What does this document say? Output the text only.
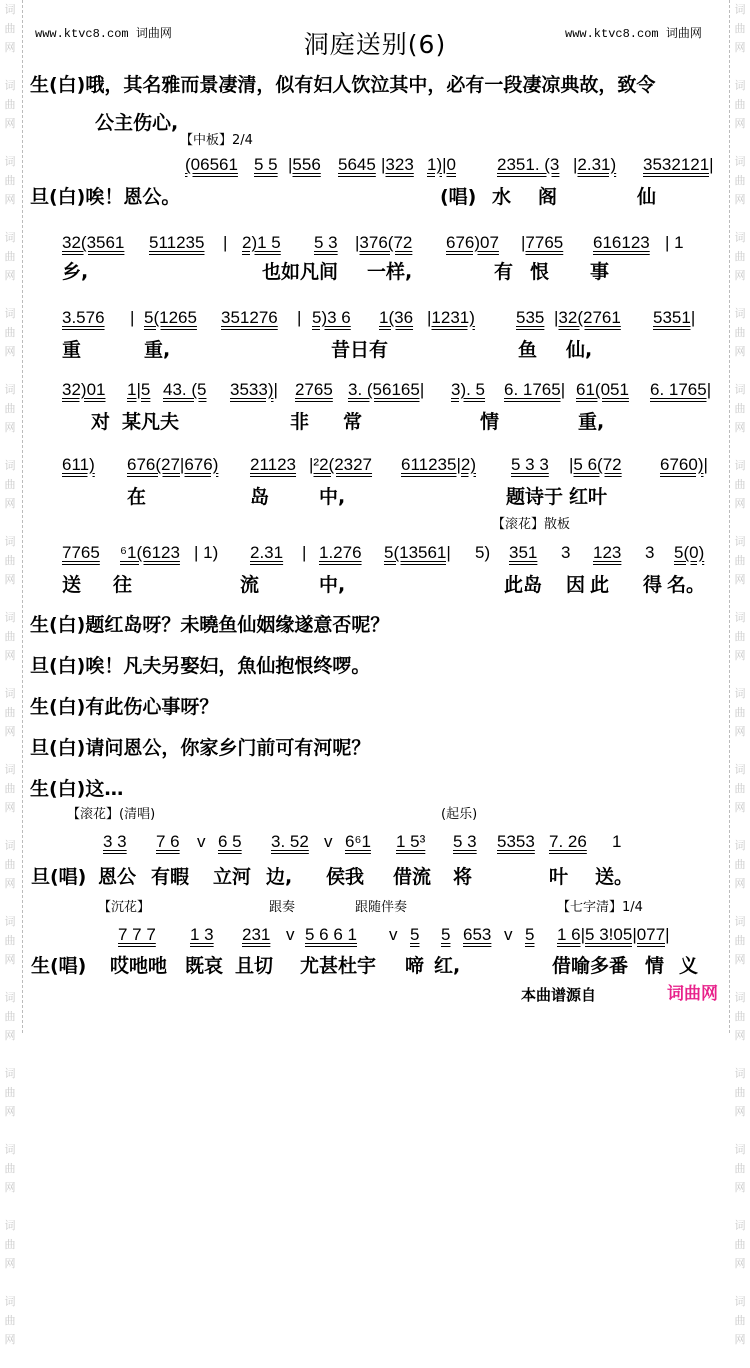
词
曲
网

词
曲
网

词
曲
网

词
曲
网

词
曲
网

词
曲
网

词
曲
网

词
曲
网

词
曲
网

词
曲
网

词
曲
网

词
曲
网

词
曲
网

词
曲
网

词
曲
网

词
曲
网

词
曲
网

词
曲
网

词
曲
网

词
曲
网

词
曲
网

词
曲
网

词
曲
网

词
曲
网

词
曲
网

词
曲
网

词
曲
网

词
曲
网

词
曲
网

词
曲
网

词
曲
网

词
曲
网

词
曲
网

词
曲
网

词
曲
网

词
曲
网

www.ktvc8.com 词曲网	www.ktvc8.com 词曲网
洞庭送别(6)
生(白)哦，其名雅而景凄清，似有妇人饮泣其中，必有一段凄凉典故，致令
公主伤心,
【中板】2/4
旦(白)唉！恩公。	(唱) 水 阁	仙
【滚花】散板
(06561 5 5 |556 5645 |323 1)|0 2351. (3 |2.31) 3532121|
32(3561 511235 | 2)1 5 5 3 |376(72 676)07 |7765 616123 | 1
乡,	也如凡间 一样,	有 恨 事
3.576 | 5(1265 351276 | 5)3 6 1(36 |1231) 535 |32(2761 5351|
重	重,	昔日有	鱼 仙,
32)01 1|5 43. (5 3533)| 2765 3. (56165| 3). 5 6. 1765| 61(051 6. 1765|
对 某凡夫	非 常	情	重,
611) 676(27|676) 21123 |²2(2327 611235|2) 5 3 3 |5 6(72 6760)|
在	岛	中,	题诗于 红叶
7765 ⁶1(6123 | 1) 2.31 | 1.276 5(13561| 5) 351 3 123 3 5(0)
送 往	流	中,	此岛 因 此 得 名。
生(白)题红岛呀？未曉鱼仙姻缘遂意否呢？
旦(白)唉！凡夫另娶妇，魚仙抱恨终啰。
生(白)有此伤心事呀？
旦(白)请问恩公，你家乡门前可有河呢？
生(白)这…
【滚花】(清唱)	(起乐)
3 3 7 6 v 6 5 3. 52 v 6⁶1 1 5³ 5 3 5353 7. 26 1
旦(唱) 恩公 有暇 立河 边, 侯我 借流 将	叶 送。
【沉花】	跟奏	跟随伴奏	【七字清】1/4
7 7 7 1 3 231 v 5 6 6 1 v 5 5 653 v 5 1 6|5 3!05|077|
生(唱) 哎吔吔 既哀 且切 尤甚杜宇 啼 红,	借喻多番 情 义
本曲谱源自	词曲网
